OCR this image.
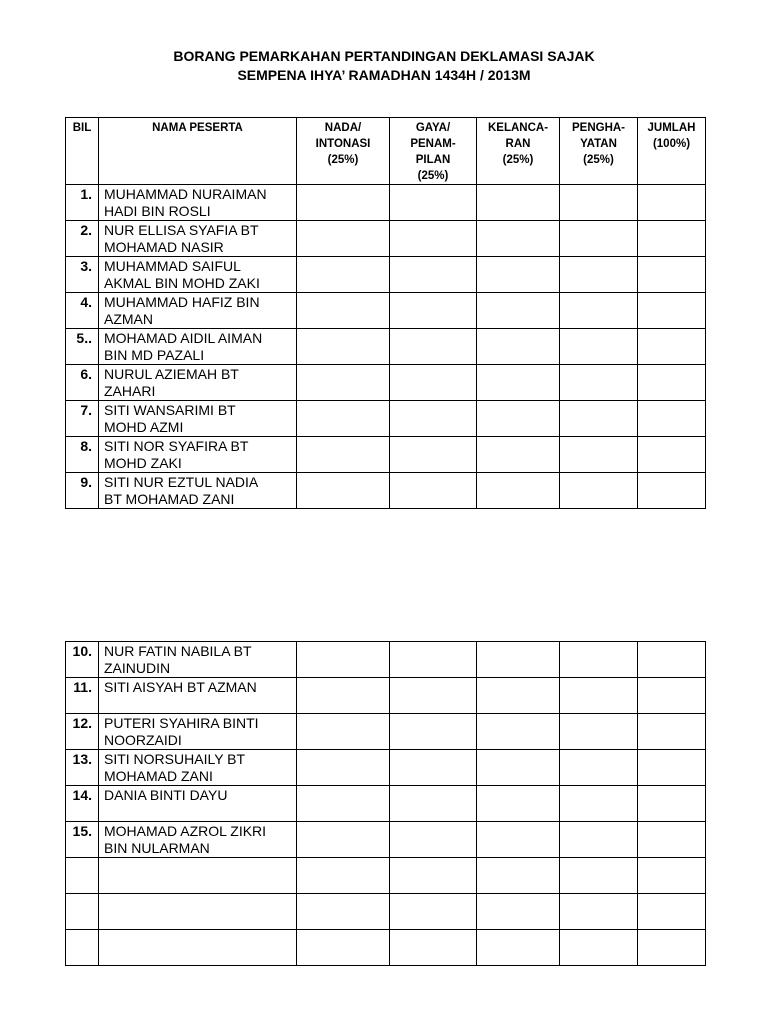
BORANG PEMARKAHAN PERTANDINGAN DEKLAMASI SAJAK
SEMPENA IHYA’ RAMADHAN 1434H / 2013M
BIL	NAMA PESERTA	NADA/
INTONASI
(25%)	GAYA/
PENAM-
PILAN
(25%)	KELANCA-
RAN
(25%)	PENGHA-
YATAN
(25%)	JUMLAH
(100%)

1.	MUHAMMAD NURAIMAN
HADI BIN ROSLI					

2.	NUR ELLISA SYAFIA BT
MOHAMAD NASIR					

3.	MUHAMMAD SAIFUL
AKMAL BIN MOHD ZAKI					

4.	MUHAMMAD HAFIZ BIN
AZMAN					

5..	MOHAMAD AIDIL AIMAN
BIN MD PAZALI					

6.	NURUL AZIEMAH BT
ZAHARI					

7.	SITI WANSARIMI BT
MOHD AZMI					

8.	SITI NOR SYAFIRA BT
MOHD ZAKI					

9.	SITI NUR EZTUL NADIA
BT MOHAMAD ZANI					

10.	NUR FATIN NABILA BT
ZAINUDIN					

11.	SITI AISYAH BT AZMAN					

12.	PUTERI SYAHIRA BINTI
NOORZAIDI					

13.	SITI NORSUHAILY BT
MOHAMAD ZANI					

14.	DANIA BINTI DAYU					

15.	MOHAMAD AZROL ZIKRI
BIN NULARMAN					
